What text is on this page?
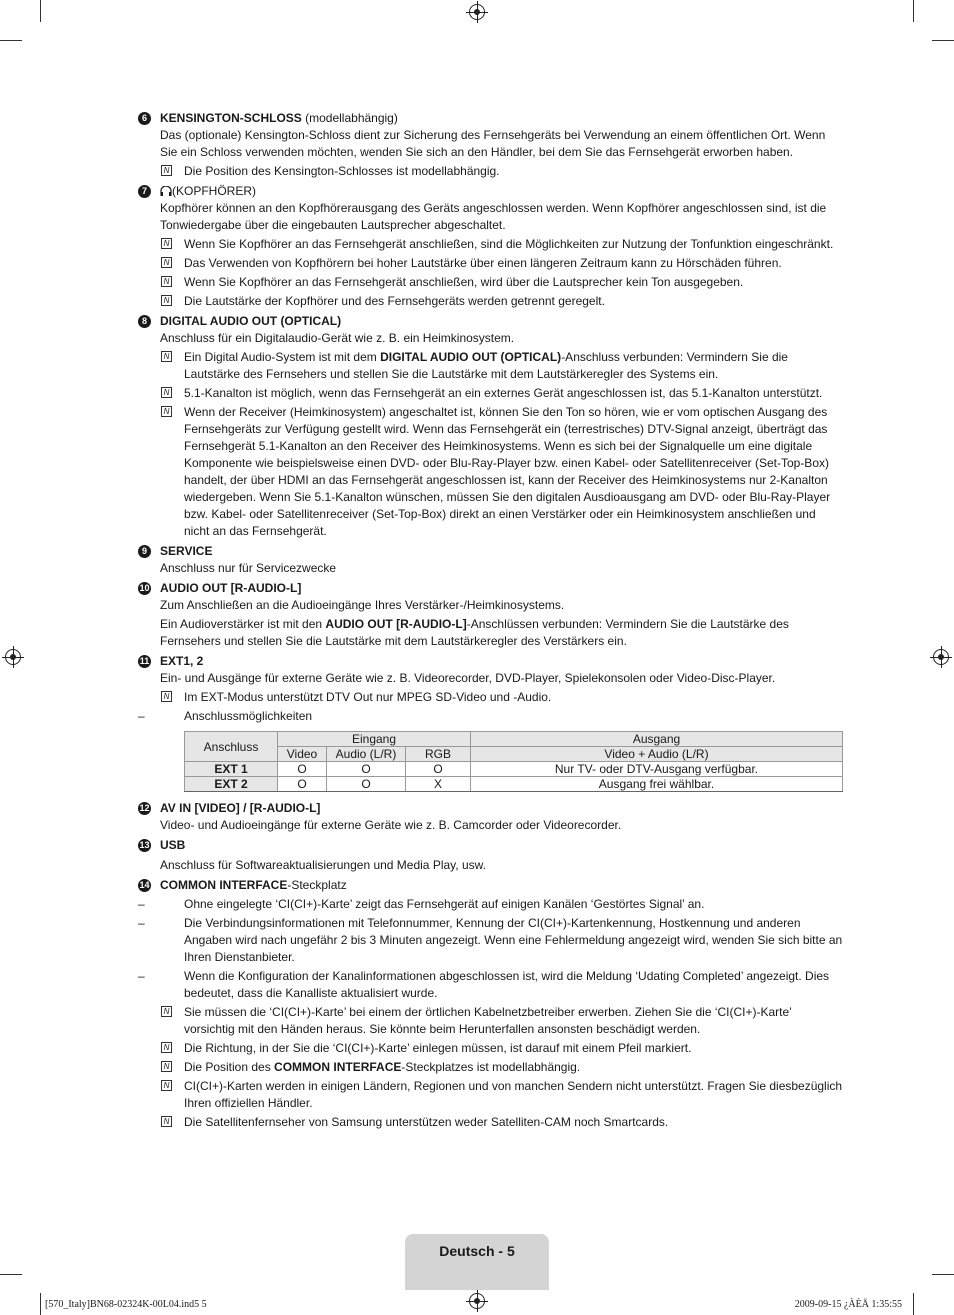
6	KENSINGTON-SCHLOSS (modellabhängig)

Das (optionale) Kensington-Schloss dient zur Sicherung des Fernsehgeräts bei Verwendung an einem öffentlichen Ort. Wenn Sie ein Schloss verwenden möchten, wenden Sie sich an den Händler, bei dem Sie das Fernsehgerät erworben haben.

N Die Position des Kensington-Schlosses ist modellabhängig.
7	(KOPFHÖRER)

Kopfhörer können an den Kopfhörerausgang des Geräts angeschlossen werden. Wenn Kopfhörer angeschlossen sind, ist die Tonwiedergabe über die eingebauten Lautsprecher abgeschaltet.

N Wenn Sie Kopfhörer an das Fernsehgerät anschließen, sind die Möglichkeiten zur Nutzung der Tonfunktion eingeschränkt.
N Das Verwenden von Kopfhörern bei hoher Lautstärke über einen längeren Zeitraum kann zu Hörschäden führen.
N Wenn Sie Kopfhörer an das Fernsehgerät anschließen, wird über die Lautsprecher kein Ton ausgegeben.
N Die Lautstärke der Kopfhörer und des Fernsehgeräts werden getrennt geregelt.
8	DIGITAL AUDIO OUT (OPTICAL)

Anschluss für ein Digitalaudio-Gerät wie z. B. ein Heimkinosystem.

N Ein Digital Audio-System ist mit dem DIGITAL AUDIO OUT (OPTICAL)-Anschluss verbunden: Vermindern Sie die Lautstärke des Fernsehers und stellen Sie die Lautstärke mit dem Lautstärkeregler des Systems ein.
N 5.1-Kanalton ist möglich, wenn das Fernsehgerät an ein externes Gerät angeschlossen ist, das 5.1-Kanalton unterstützt.
N Wenn der Receiver (Heimkinosystem) angeschaltet ist, können Sie den Ton so hören, wie er vom optischen Ausgang des Fernsehgeräts zur Verfügung gestellt wird. Wenn das Fernsehgerät ein (terrestrisches) DTV-Signal anzeigt, überträgt das Fernsehgerät 5.1-Kanalton an den Receiver des Heimkinosystems. Wenn es sich bei der Signalquelle um eine digitale Komponente wie beispielsweise einen DVD- oder Blu-Ray-Player bzw. einen Kabel- oder Satellitenreceiver (Set-Top-Box) handelt, der über HDMI an das Fernsehgerät angeschlossen ist, kann der Receiver des Heimkinosystems nur 2-Kanalton wiedergeben. Wenn Sie 5.1-Kanalton wünschen, müssen Sie den digitalen Ausdioausgang am DVD- oder Blu-Ray-Player bzw. Kabel- oder Satellitenreceiver (Set-Top-Box) direkt an einen Verstärker oder ein Heimkinosystem anschließen und nicht an das Fernsehgerät.
9	SERVICE

Anschluss nur für Servicezwecke

10 AUDIO OUT [R-AUDIO-L]

Zum Anschließen an die Audioeingänge Ihres Verstärker-/Heimkinosystems.

Ein Audioverstärker ist mit den AUDIO OUT [R-AUDIO-L]-Anschlüssen verbunden: Vermindern Sie die Lautstärke des Fernsehers und stellen Sie die Lautstärke mit dem Lautstärkeregler des Verstärkers ein.

11 EXT1, 2

Ein- und Ausgänge für externe Geräte wie z. B. Videorecorder, DVD-Player, Spielekonsolen oder Video-Disc-Player.

N Im EXT-Modus unterstützt DTV Out nur MPEG SD-Video und -Audio.
–	Anschlussmöglichkeiten
Anschluss	Eingang			Ausgang
	Video	Audio (L/R)	RGB	Video + Audio (L/R)
EXT 1	O	O	O	Nur TV- oder DTV-Ausgang verfügbar.
EXT 2	O	O	X	Ausgang frei wählbar.
12 AV IN [VIDEO] / [R-AUDIO-L]

Video- und Audioeingänge für externe Geräte wie z. B. Camcorder oder Videorecorder.

13 USB

Anschluss für Softwareaktualisierungen und Media Play, usw.

14 COMMON INTERFACE-Steckplatz
–	Ohne eingelegte ‘CI(CI+)-Karte’ zeigt das Fernsehgerät auf einigen Kanälen ‘Gestörtes Signal’ an.
–	Die Verbindungsinformationen mit Telefonnummer, Kennung der CI(CI+)-Kartenkennung, Hostkennung und anderen Angaben wird nach ungefähr 2 bis 3 Minuten angezeigt. Wenn eine Fehlermeldung angezeigt wird, wenden Sie sich bitte an Ihren Dienstanbieter.
–	Wenn die Konfiguration der Kanalinformationen abgeschlossen ist, wird die Meldung ‘Udating Completed’ angezeigt. Dies bedeutet, dass die Kanalliste aktualisiert wurde.
N Sie müssen die ‘CI(CI+)-Karte’ bei einem der örtlichen Kabelnetzbetreiber erwerben. Ziehen Sie die ‘CI(CI+)-Karte’ vorsichtig mit den Händen heraus. Sie könnte beim Herunterfallen ansonsten beschädigt werden.
N Die Richtung, in der Sie die ‘CI(CI+)-Karte’ einlegen müssen, ist darauf mit einem Pfeil markiert.
N Die Position des COMMON INTERFACE-Steckplatzes ist modellabhängig.
N CI(CI+)-Karten werden in einigen Ländern, Regionen und von manchen Sendern nicht unterstützt. Fragen Sie diesbezüglich Ihren offiziellen Händler.
N Die Satellitenfernseher von Samsung unterstützen weder Satelliten-CAM noch Smartcards.
Deutsch - 5
[570_Italy]BN68-02324K-00L04.ind5 5	2009-09-15 ¿ÀÈÄ 1:35:55
